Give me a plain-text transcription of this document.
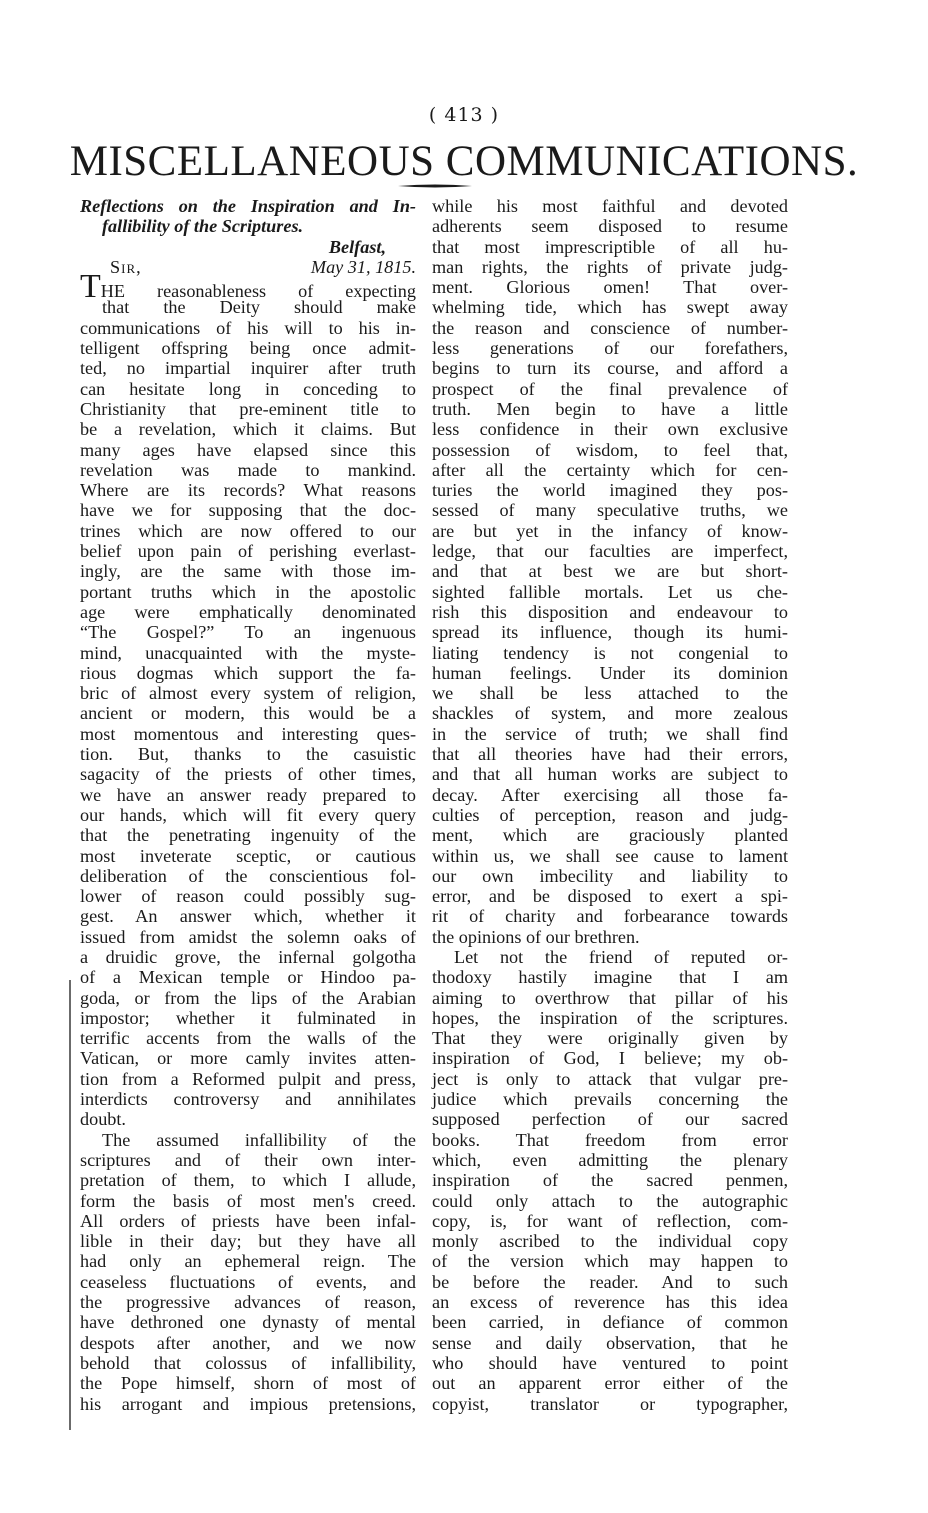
( 413 )
MISCELLANEOUS COMMUNICATIONS.
Reflections on the Inspiration and In-
fallibility of the Scriptures.
Belfast,
Sir,	May 31, 1815.
THE reasonableness of expecting
that the Deity should make
communications of his will to his in-
telligent offspring being once admit-
ted, no impartial inquirer after truth
can hesitate long in conceding to
Christianity that pre-eminent title to
be a revelation, which it claims. But
many ages have elapsed since this
revelation was made to mankind.
Where are its records? What reasons
have we for supposing that the doc-
trines which are now offered to our
belief upon pain of perishing everlast-
ingly, are the same with those im-
portant truths which in the apostolic
age were emphatically denominated
“The Gospel?” To an ingenuous
mind, unacquainted with the myste-
rious dogmas which support the fa-
bric of almost every system of religion,
ancient or modern, this would be a
most momentous and interesting ques-
tion. But, thanks to the casuistic
sagacity of the priests of other times,
we have an answer ready prepared to
our hands, which will fit every query
that the penetrating ingenuity of the
most inveterate sceptic, or cautious
deliberation of the conscientious fol-
lower of reason could possibly sug-
gest. An answer which, whether it
issued from amidst the solemn oaks of
a druidic grove, the infernal golgotha
of a Mexican temple or Hindoo pa-
goda, or from the lips of the Arabian
impostor; whether it fulminated in
terrific accents from the walls of the
Vatican, or more camly invites atten-
tion from a Reformed pulpit and press,
interdicts controversy and annihilates
doubt.
The assumed infallibility of the
scriptures and of their own inter-
pretation of them, to which I allude,
form the basis of most men's creed.
All orders of priests have been infal-
lible in their day; but they have all
had only an ephemeral reign. The
ceaseless fluctuations of events, and
the progressive advances of reason,
have dethroned one dynasty of mental
despots after another, and we now
behold that colossus of infallibility,
the Pope himself, shorn of most of
his arrogant and impious pretensions,
while his most faithful and devoted
adherents seem disposed to resume
that most imprescriptible of all hu-
man rights, the rights of private judg-
ment. Glorious omen! That over-
whelming tide, which has swept away
the reason and conscience of number-
less generations of our forefathers,
begins to turn its course, and afford a
prospect of the final prevalence of
truth. Men begin to have a little
less confidence in their own exclusive
possession of wisdom, to feel that,
after all the certainty which for cen-
turies the world imagined they pos-
sessed of many speculative truths, we
are but yet in the infancy of know-
ledge, that our faculties are imperfect,
and that at best we are but short-
sighted fallible mortals. Let us che-
rish this disposition and endeavour to
spread its influence, though its humi-
liating tendency is not congenial to
human feelings. Under its dominion
we shall be less attached to the
shackles of system, and more zealous
in the service of truth; we shall find
that all theories have had their errors,
and that all human works are subject to
decay. After exercising all those fa-
culties of perception, reason and judg-
ment, which are graciously planted
within us, we shall see cause to lament
our own imbecility and liability to
error, and be disposed to exert a spi-
rit of charity and forbearance towards
the opinions of our brethren.
Let not the friend of reputed or-
thodoxy hastily imagine that I am
aiming to overthrow that pillar of his
hopes, the inspiration of the scriptures.
That they were originally given by
inspiration of God, I believe; my ob-
ject is only to attack that vulgar pre-
judice which prevails concerning the
supposed perfection of our sacred
books. That freedom from error
which, even admitting the plenary
inspiration of the sacred penmen,
could only attach to the autographic
copy, is, for want of reflection, com-
monly ascribed to the individual copy
of the version which may happen to
be before the reader. And to such
an excess of reverence has this idea
been carried, in defiance of common
sense and daily observation, that he
who should have ventured to point
out an apparent error either of the
copyist, translator or typographer,
